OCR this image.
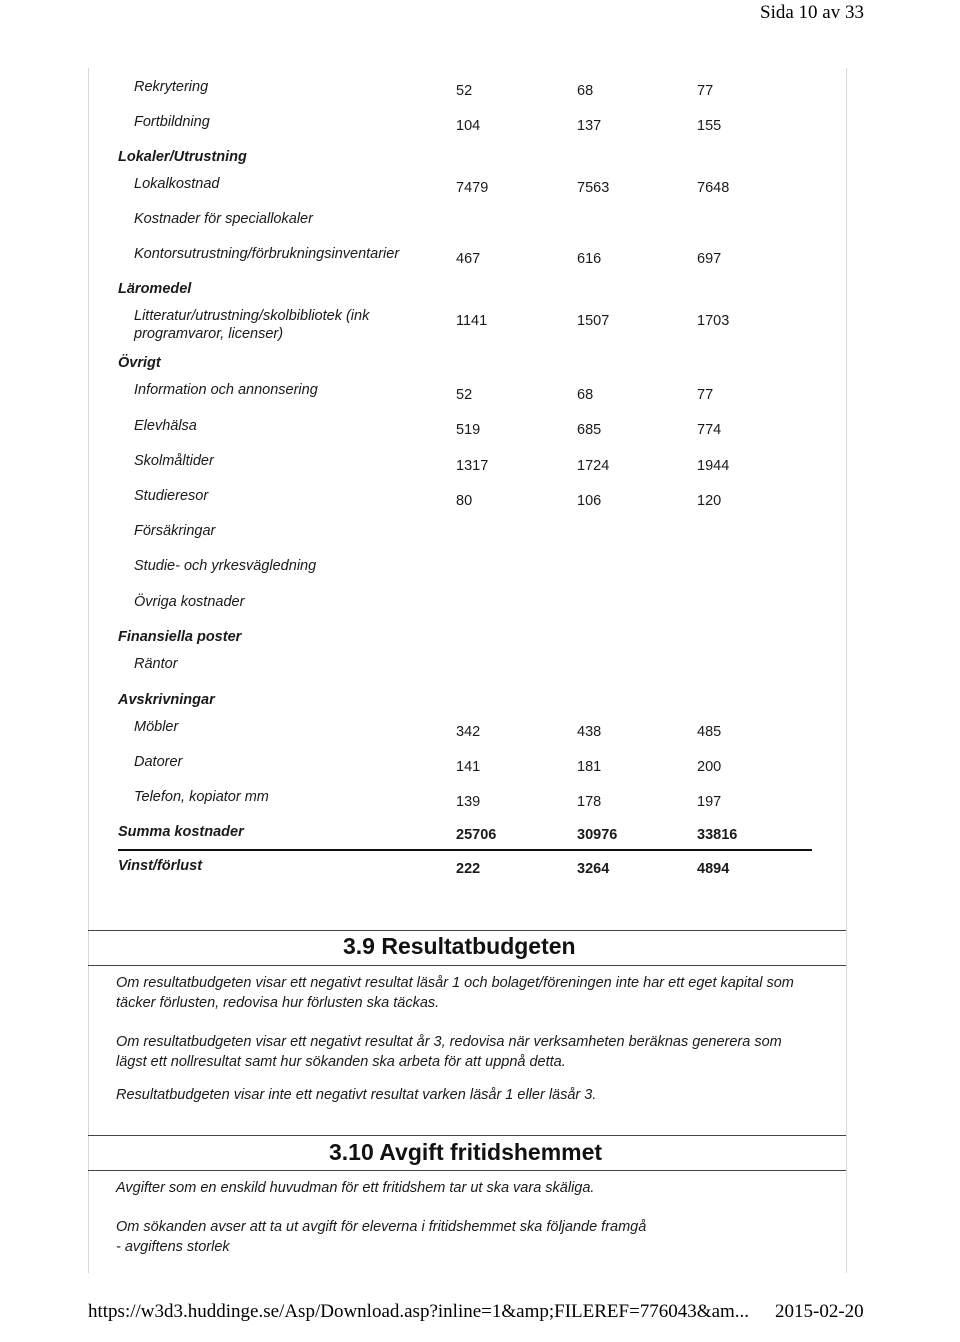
Sida 10 av 33
Rekrytering	52	68	77
Fortbildning	104	137	155
Lokaler/Utrustning
Lokalkostnad	7479	7563	7648
Kostnader för speciallokaler
Kontorsutrustning/förbrukningsinventarier	467	616	697
Läromedel
Litteratur/utrustning/skolbibliotek (ink programvaror, licenser)
1141	1507	1703
Övrigt
Information och annonsering	52	68	77
Elevhälsa	519	685	774
Skolmåltider	1317	1724	1944
Studieresor	80	106	120
Försäkringar
Studie- och yrkesvägledning
Övriga kostnader
Finansiella poster
Räntor
Avskrivningar
Möbler	342	438	485
Datorer	141	181	200
Telefon, kopiator mm	139	178	197
Summa kostnader	25706	30976	33816
Vinst/förlust	222	3264	4894
3.9 Resultatbudgeten
Om resultatbudgeten visar ett negativt resultat läsår 1 och bolaget/föreningen inte har ett eget kapital som täcker förlusten, redovisa hur förlusten ska täckas.
Om resultatbudgeten visar ett negativt resultat år 3, redovisa när verksamheten beräknas generera som lägst ett nollresultat samt hur sökanden ska arbeta för att uppnå detta.
Resultatbudgeten visar inte ett negativt resultat varken läsår 1 eller läsår 3.
3.10 Avgift fritidshemmet
Avgifter som en enskild huvudman för ett fritidshem tar ut ska vara skäliga.
Om sökanden avser att ta ut avgift för eleverna i fritidshemmet ska följande framgå
- avgiftens storlek
https://w3d3.huddinge.se/Asp/Download.asp?inline=1&amp;FILEREF=776043&am... 2015-02-20
